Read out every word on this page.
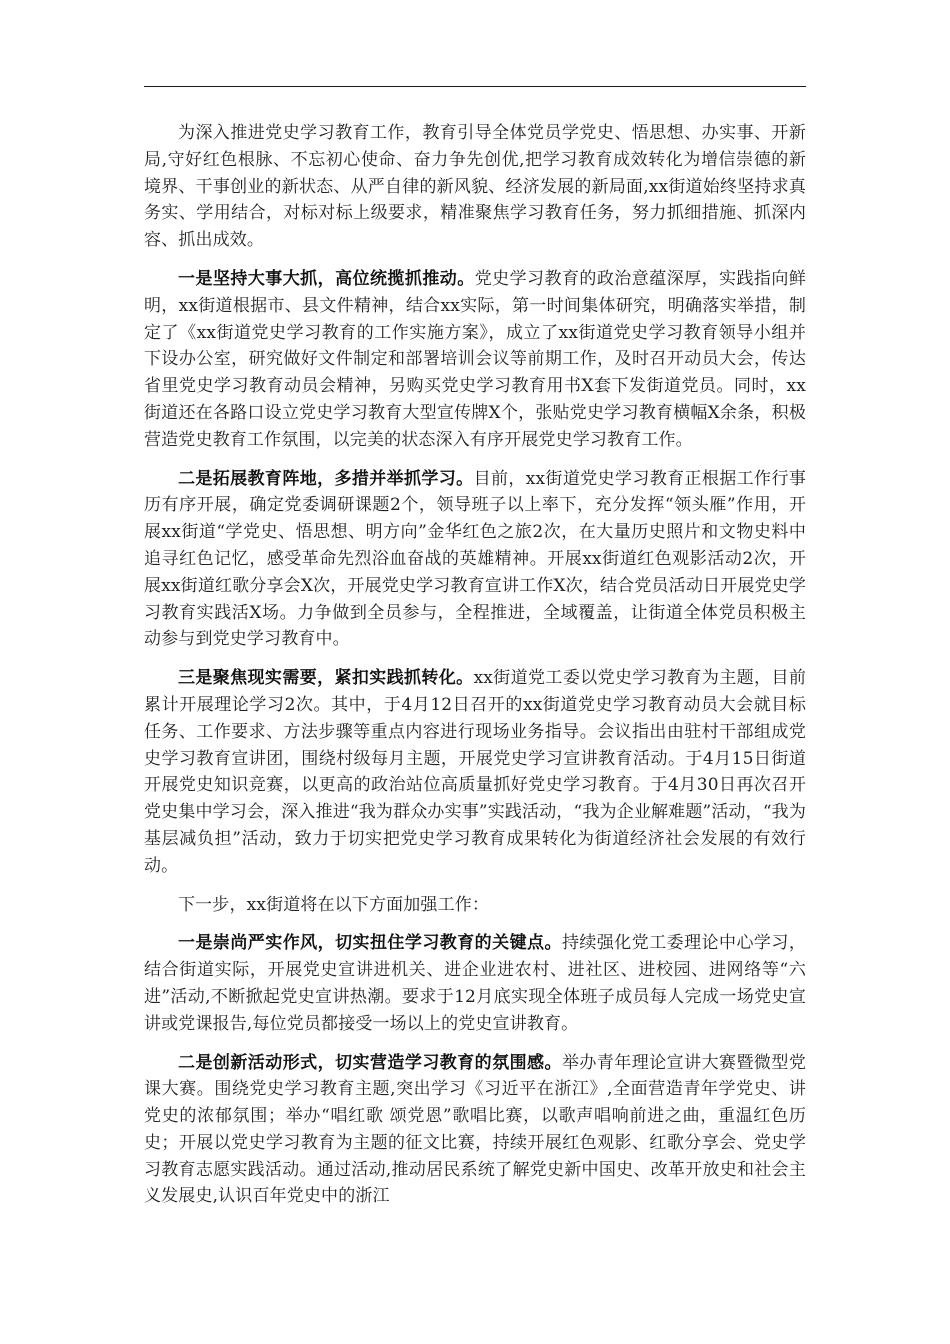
为深入推进党史学习教育工作，教育引导全体党员学党史、悟思想、办实事、开新局,守好红色根脉、不忘初心使命、奋力争先创优,把学习教育成效转化为增信崇德的新境界、干事创业的新状态、从严自律的新风貌、经济发展的新局面,xx街道始终坚持求真务实、学用结合，对标对标上级要求，精准聚焦学习教育任务，努力抓细措施、抓深内容、抓出成效。

一是坚持大事大抓，高位统揽抓推动。党史学习教育的政治意蕴深厚，实践指向鲜明，xx街道根据市、县文件精神，结合xx实际，第一时间集体研究，明确落实举措，制定了《xx街道党史学习教育的工作实施方案》，成立了xx街道党史学习教育领导小组并下设办公室，研究做好文件制定和部署培训会议等前期工作，及时召开动员大会，传达省里党史学习教育动员会精神，另购买党史学习教育用书X套下发街道党员。同时，xx街道还在各路口设立党史学习教育大型宣传牌X个，张贴党史学习教育横幅X余条，积极营造党史教育工作氛围，以完美的状态深入有序开展党史学习教育工作。

二是拓展教育阵地，多措并举抓学习。目前，xx街道党史学习教育正根据工作行事历有序开展，确定党委调研课题2个，领导班子以上率下，充分发挥“领头雁”作用，开展xx街道“学党史、悟思想、明方向”金华红色之旅2次，在大量历史照片和文物史料中追寻红色记忆，感受革命先烈浴血奋战的英雄精神。开展xx街道红色观影活动2次，开展xx街道红歌分享会X次，开展党史学习教育宣讲工作X次，结合党员活动日开展党史学习教育实践活X场。力争做到全员参与，全程推进，全域覆盖，让街道全体党员积极主动参与到党史学习教育中。

三是聚焦现实需要，紧扣实践抓转化。xx街道党工委以党史学习教育为主题，目前累计开展理论学习2次。其中，于4月12日召开的xx街道党史学习教育动员大会就目标任务、工作要求、方法步骤等重点内容进行现场业务指导。会议指出由驻村干部组成党史学习教育宣讲团，围绕村级每月主题，开展党史学习宣讲教育活动。于4月15日街道开展党史知识竞赛，以更高的政治站位高质量抓好党史学习教育。于4月30日再次召开党史集中学习会，深入推进“我为群众办实事”实践活动，“我为企业解难题”活动，“我为基层减负担”活动，致力于切实把党史学习教育成果转化为街道经济社会发展的有效行动。

下一步，xx街道将在以下方面加强工作：

一是崇尚严实作风，切实扭住学习教育的关键点。持续强化党工委理论中心学习，结合街道实际，开展党史宣讲进机关、进企业进农村、进社区、进校园、进网络等“六进”活动,不断掀起党史宣讲热潮。要求于12月底实现全体班子成员每人完成一场党史宣讲或党课报告,每位党员都接受一场以上的党史宣讲教育。

二是创新活动形式，切实营造学习教育的氛围感。举办青年理论宣讲大赛暨微型党课大赛。围绕党史学习教育主题,突出学习《习近平在浙江》,全面营造青年学党史、讲党史的浓郁氛围；举办“唱红歌 颂党恩”歌唱比赛，以歌声唱响前进之曲，重温红色历史；开展以党史学习教育为主题的征文比赛，持续开展红色观影、红歌分享会、党史学习教育志愿实践活动。通过活动,推动居民系统了解党史新中国史、改革开放史和社会主义发展史,认识百年党史中的浙江
